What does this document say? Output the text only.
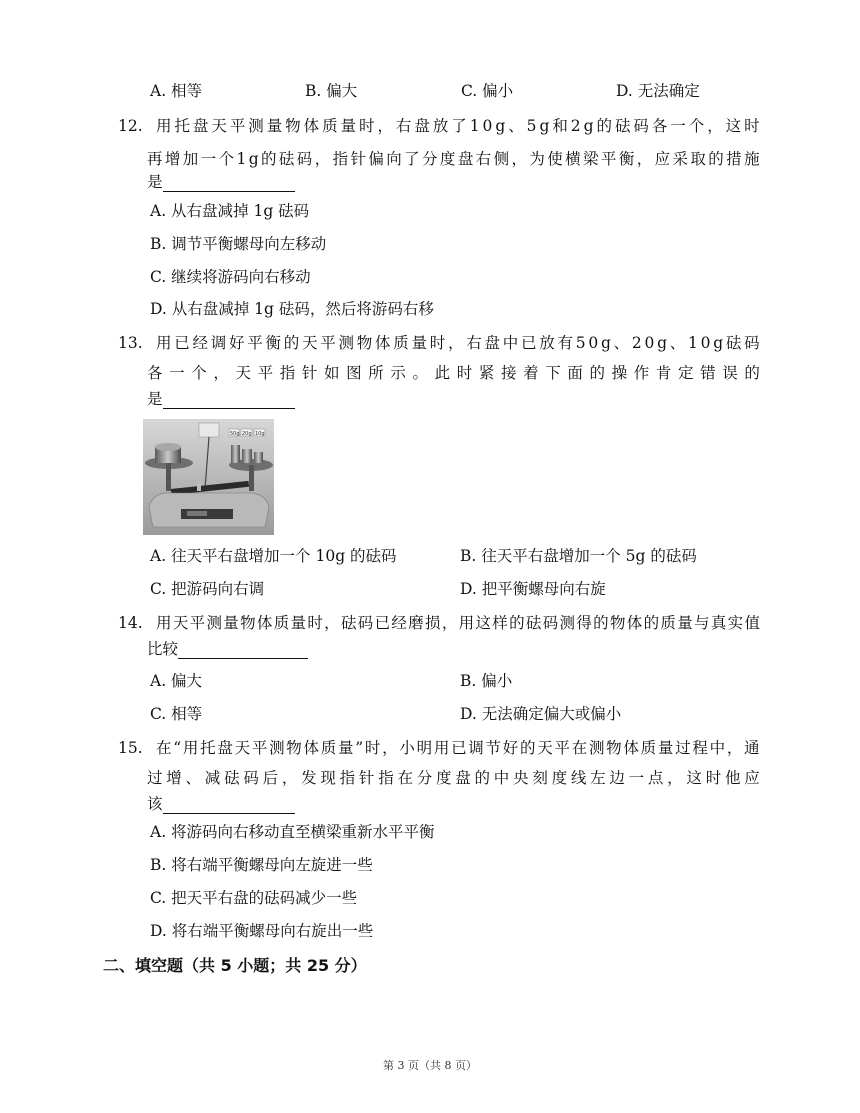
A. 相等	B. 偏大	C. 偏小	D. 无法确定
12. 用 托 盘 天 平 测 量 物 体 质 量 时 ， 右 盘 放 了 1 0 g 、 5 g 和 2 g 的 砝 码 各 一 个 ， 这 时
再 增 加 一 个 1 g 的 砝 码 ， 指 针 偏 向 了 分 度 盘 右 侧 ， 为 使 横 梁 平 衡 ， 应 采 取 的 措 施
是
A. 从右盘减掉 1g 砝码
B. 调节平衡螺母向左移动
C. 继续将游码向右移动
D. 从右盘减掉 1g 砝码，然后将游码右移
13. 用 已 经 调 好 平 衡 的 天 平 测 物 体 质 量 时 ， 右 盘 中 已 放 有 5 0 g 、 2 0 g 、 1 0 g 砝 码
各 一 个 ， 天 平 指 针 如 图 所 示 。 此 时 紧 接 着 下 面 的 操 作 肯 定 错 误 的
是
50g 20g 10g
A. 往天平右盘增加一个 10g 的砝码	B. 往天平右盘增加一个 5g 的砝码
C. 把游码向右调	D. 把平衡螺母向右旋
14. 用 天 平 测 量 物 体 质 量 时 ， 砝 码 已 经 磨 损 ， 用 这 样 的 砝 码 测 得 的 物 体 的 质 量 与 真 实 值
比较
A. 偏大	B. 偏小
C. 相等	D. 无法确定偏大或偏小
15. 在 “ 用 托 盘 天 平 测 物 体 质 量 ” 时 ， 小 明 用 已 调 节 好 的 天 平 在 测 物 体 质 量 过 程 中 ， 通
过 增 、 减 砝 码 后 ， 发 现 指 针 指 在 分 度 盘 的 中 央 刻 度 线 左 边 一 点 ， 这 时 他 应
该
A. 将游码向右移动直至横梁重新水平平衡
B. 将右端平衡螺母向左旋进一些
C. 把天平右盘的砝码减少一些
D. 将右端平衡螺母向右旋出一些
二、填空题（共 5 小题；共 25 分）
第 3 页（共 8 页）
